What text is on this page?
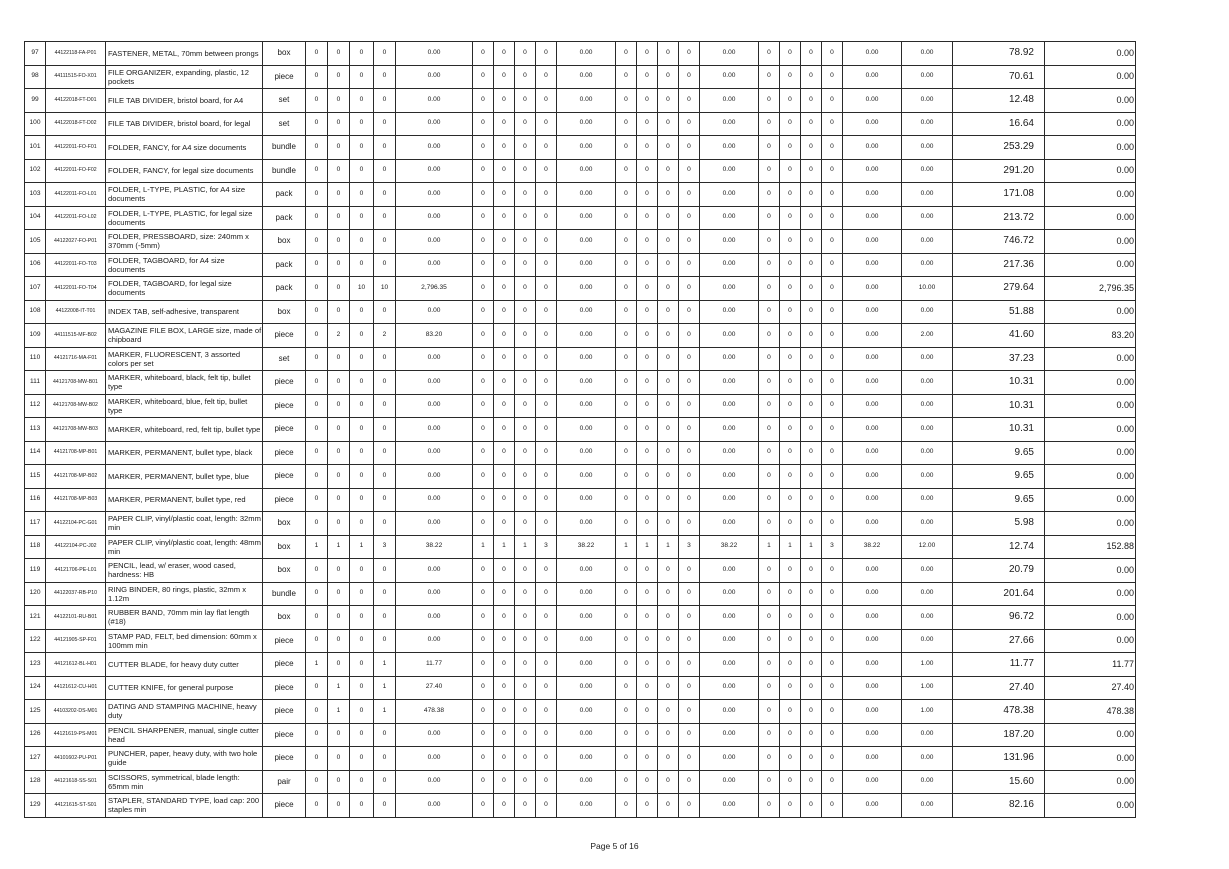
97	44122118-FA-P01	FASTENER, METAL, 70mm between prongs	box	0	0	0	0	0.00	0	0	0	0	0.00	0	0	0	0	0.00	0	0	0	0	0.00	0.00	78.92	0.00
98	44111515-FO-X01	FILE ORGANIZER, expanding, plastic, 12 pockets	piece	0	0	0	0	0.00	0	0	0	0	0.00	0	0	0	0	0.00	0	0	0	0	0.00	0.00	70.61	0.00
99	44122018-FT-D01	FILE TAB DIVIDER, bristol board, for A4	set	0	0	0	0	0.00	0	0	0	0	0.00	0	0	0	0	0.00	0	0	0	0	0.00	0.00	12.48	0.00
100	44122018-FT-D02	FILE TAB DIVIDER, bristol board, for legal	set	0	0	0	0	0.00	0	0	0	0	0.00	0	0	0	0	0.00	0	0	0	0	0.00	0.00	16.64	0.00
101	44122011-FO-F01	FOLDER, FANCY, for A4 size documents	bundle	0	0	0	0	0.00	0	0	0	0	0.00	0	0	0	0	0.00	0	0	0	0	0.00	0.00	253.29	0.00
102	44122011-FO-F02	FOLDER, FANCY, for legal size documents	bundle	0	0	0	0	0.00	0	0	0	0	0.00	0	0	0	0	0.00	0	0	0	0	0.00	0.00	291.20	0.00
103	44122011-FO-L01	FOLDER, L-TYPE, PLASTIC, for A4 size documents	pack	0	0	0	0	0.00	0	0	0	0	0.00	0	0	0	0	0.00	0	0	0	0	0.00	0.00	171.08	0.00
104	44122011-FO-L02	FOLDER, L-TYPE, PLASTIC, for legal size documents	pack	0	0	0	0	0.00	0	0	0	0	0.00	0	0	0	0	0.00	0	0	0	0	0.00	0.00	213.72	0.00
105	44122027-FO-P01	FOLDER, PRESSBOARD, size: 240mm x 370mm (-5mm)	box	0	0	0	0	0.00	0	0	0	0	0.00	0	0	0	0	0.00	0	0	0	0	0.00	0.00	746.72	0.00
106	44122011-FO-T03	FOLDER, TAGBOARD, for A4 size documents	pack	0	0	0	0	0.00	0	0	0	0	0.00	0	0	0	0	0.00	0	0	0	0	0.00	0.00	217.36	0.00
107	44122011-FO-T04	FOLDER, TAGBOARD, for legal size documents	pack	0	0	10	10	2,796.35	0	0	0	0	0.00	0	0	0	0	0.00	0	0	0	0	0.00	10.00	279.64	2,796.35
108	44122008-IT-T01	INDEX TAB, self-adhesive, transparent	box	0	0	0	0	0.00	0	0	0	0	0.00	0	0	0	0	0.00	0	0	0	0	0.00	0.00	51.88	0.00
109	44111515-MF-B02	MAGAZINE FILE BOX, LARGE size, made of chipboard	piece	0	2	0	2	83.20	0	0	0	0	0.00	0	0	0	0	0.00	0	0	0	0	0.00	2.00	41.60	83.20
110	44121716-MA-F01	MARKER, FLUORESCENT, 3 assorted colors per set	set	0	0	0	0	0.00	0	0	0	0	0.00	0	0	0	0	0.00	0	0	0	0	0.00	0.00	37.23	0.00
111	44121708-MW-B01	MARKER, whiteboard, black, felt tip, bullet type	piece	0	0	0	0	0.00	0	0	0	0	0.00	0	0	0	0	0.00	0	0	0	0	0.00	0.00	10.31	0.00
112	44121708-MW-B02	MARKER, whiteboard, blue, felt tip, bullet type	piece	0	0	0	0	0.00	0	0	0	0	0.00	0	0	0	0	0.00	0	0	0	0	0.00	0.00	10.31	0.00
113	44121708-MW-B03	MARKER, whiteboard, red, felt tip, bullet type	piece	0	0	0	0	0.00	0	0	0	0	0.00	0	0	0	0	0.00	0	0	0	0	0.00	0.00	10.31	0.00
114	44121708-MP-B01	MARKER, PERMANENT, bullet type, black	piece	0	0	0	0	0.00	0	0	0	0	0.00	0	0	0	0	0.00	0	0	0	0	0.00	0.00	9.65	0.00
115	44121708-MP-B02	MARKER, PERMANENT, bullet type, blue	piece	0	0	0	0	0.00	0	0	0	0	0.00	0	0	0	0	0.00	0	0	0	0	0.00	0.00	9.65	0.00
116	44121708-MP-B03	MARKER, PERMANENT, bullet type, red	piece	0	0	0	0	0.00	0	0	0	0	0.00	0	0	0	0	0.00	0	0	0	0	0.00	0.00	9.65	0.00
117	44122104-PC-G01	PAPER CLIP, vinyl/plastic coat, length: 32mm min	box	0	0	0	0	0.00	0	0	0	0	0.00	0	0	0	0	0.00	0	0	0	0	0.00	0.00	5.98	0.00
118	44122104-PC-J02	PAPER CLIP, vinyl/plastic coat, length: 48mm min	box	1	1	1	3	38.22	1	1	1	3	38.22	1	1	1	3	38.22	1	1	1	3	38.22	12.00	12.74	152.88
119	44121706-PE-L01	PENCIL, lead, w/ eraser, wood cased, hardness: HB	box	0	0	0	0	0.00	0	0	0	0	0.00	0	0	0	0	0.00	0	0	0	0	0.00	0.00	20.79	0.00
120	44122037-RB-P10	RING BINDER, 80 rings, plastic, 32mm x 1.12m	bundle	0	0	0	0	0.00	0	0	0	0	0.00	0	0	0	0	0.00	0	0	0	0	0.00	0.00	201.64	0.00
121	44122101-RU-B01	RUBBER BAND, 70mm min lay flat length (#18)	box	0	0	0	0	0.00	0	0	0	0	0.00	0	0	0	0	0.00	0	0	0	0	0.00	0.00	96.72	0.00
122	44121905-SP-F01	STAMP PAD, FELT, bed dimension: 60mm x 100mm min	piece	0	0	0	0	0.00	0	0	0	0	0.00	0	0	0	0	0.00	0	0	0	0	0.00	0.00	27.66	0.00
123	44121612-BL-H01	CUTTER BLADE, for heavy duty cutter	piece	1	0	0	1	11.77	0	0	0	0	0.00	0	0	0	0	0.00	0	0	0	0	0.00	1.00	11.77	11.77
124	44121612-CU-H01	CUTTER KNIFE, for general purpose	piece	0	1	0	1	27.40	0	0	0	0	0.00	0	0	0	0	0.00	0	0	0	0	0.00	1.00	27.40	27.40
125	44103202-DS-M01	DATING AND STAMPING MACHINE, heavy duty	piece	0	1	0	1	478.38	0	0	0	0	0.00	0	0	0	0	0.00	0	0	0	0	0.00	1.00	478.38	478.38
126	44121619-PS-M01	PENCIL SHARPENER, manual, single cutter head	piece	0	0	0	0	0.00	0	0	0	0	0.00	0	0	0	0	0.00	0	0	0	0	0.00	0.00	187.20	0.00
127	44101602-PU-P01	PUNCHER, paper, heavy duty, with two hole guide	piece	0	0	0	0	0.00	0	0	0	0	0.00	0	0	0	0	0.00	0	0	0	0	0.00	0.00	131.96	0.00
128	44121618-SS-S01	SCISSORS, symmetrical, blade length: 65mm min	pair	0	0	0	0	0.00	0	0	0	0	0.00	0	0	0	0	0.00	0	0	0	0	0.00	0.00	15.60	0.00
129	44121615-ST-S01	STAPLER, STANDARD TYPE, load cap: 200 staples min	piece	0	0	0	0	0.00	0	0	0	0	0.00	0	0	0	0	0.00	0	0	0	0	0.00	0.00	82.16	0.00
Page 5 of 16
